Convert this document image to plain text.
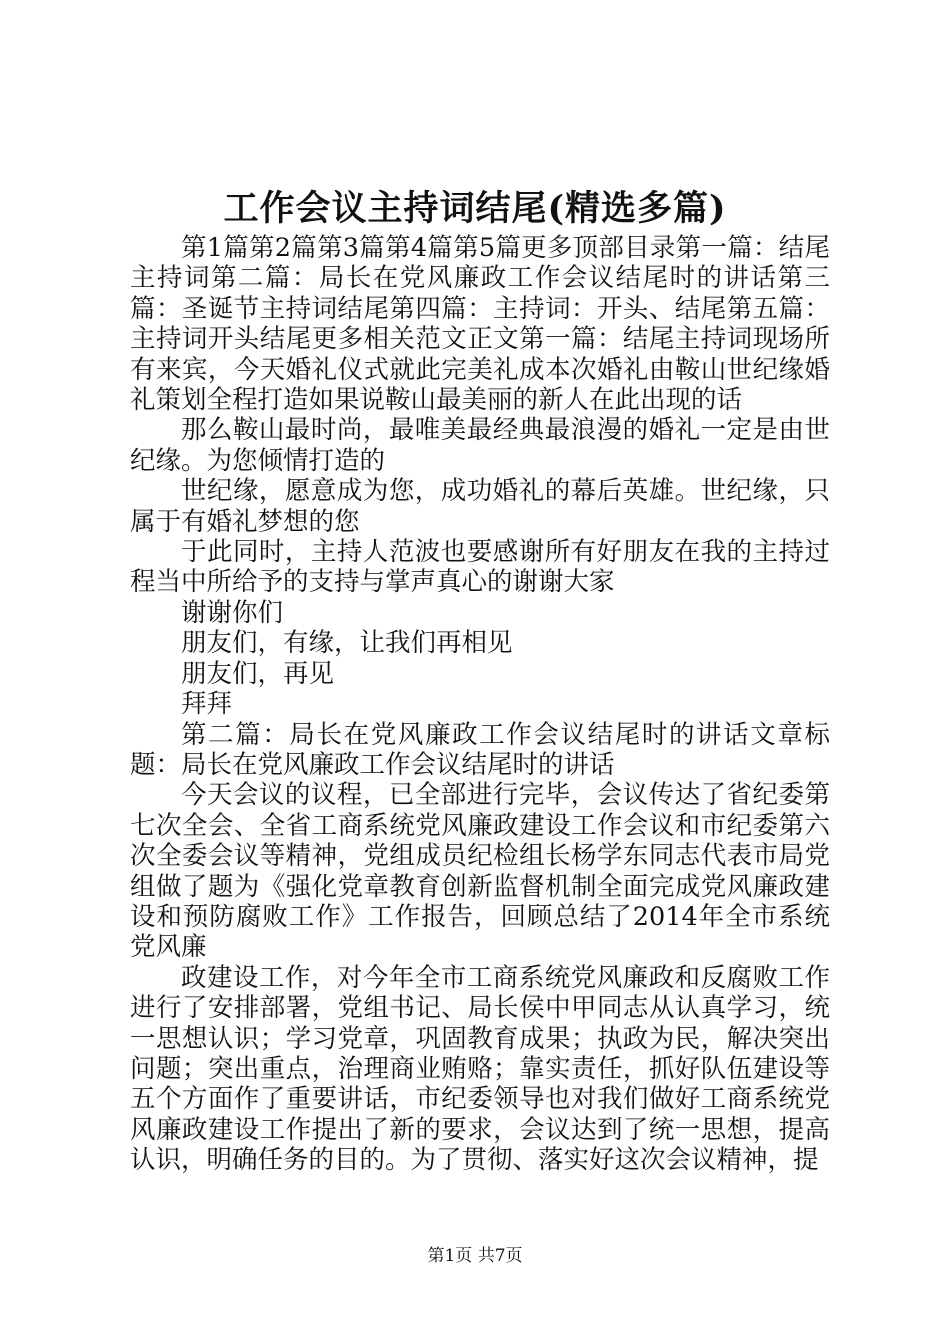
工作会议主持词结尾(精选多篇)

第1篇第2篇第3篇第4篇第5篇更多顶部目录第一篇：结尾主持词第二篇：局长在党风廉政工作会议结尾时的讲话第三篇：圣诞节主持词结尾第四篇：主持词：开头、结尾第五篇：主持词开头结尾更多相关范文正文第一篇：结尾主持词现场所有来宾，今天婚礼仪式就此完美礼成本次婚礼由鞍山世纪缘婚礼策划全程打造如果说鞍山最美丽的新人在此出现的话

那么鞍山最时尚，最唯美最经典最浪漫的婚礼一定是由世纪缘。为您倾情打造的

世纪缘，愿意成为您，成功婚礼的幕后英雄。世纪缘，只属于有婚礼梦想的您

于此同时，主持人范波也要感谢所有好朋友在我的主持过程当中所给予的支持与掌声真心的谢谢大家

谢谢你们

朋友们，有缘，让我们再相见

朋友们，再见

拜拜

第二篇：局长在党风廉政工作会议结尾时的讲话文章标题：局长在党风廉政工作会议结尾时的讲话

今天会议的议程，已全部进行完毕，会议传达了省纪委第七次全会、全省工商系统党风廉政建设工作会议和市纪委第六次全委会议等精神，党组成员纪检组长杨学东同志代表市局党组做了题为《强化党章教育创新监督机制全面完成党风廉政建设和预防腐败工作》工作报告，回顾总结了2014年全市系统党风廉

政建设工作，对今年全市工商系统党风廉政和反腐败工作进行了安排部署，党组书记、局长侯中甲同志从认真学习，统一思想认识；学习党章，巩固教育成果；执政为民，解决突出问题；突出重点，治理商业贿赂；靠实责任，抓好队伍建设等五个方面作了重要讲话，市纪委领导也对我们做好工商系统党风廉政建设工作提出了新的要求，会议达到了统一思想，提高认识，明确任务的目的。为了贯彻、落实好这次会议精神，提

第1页 共7页
